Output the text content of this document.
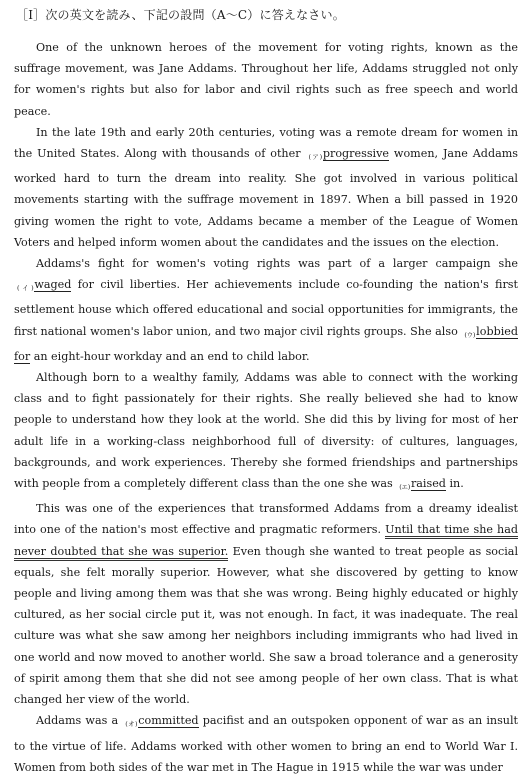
［Ⅰ］次の英文を読み、下記の設問（A～C）に答えなさい。

One of the unknown heroes of the movement for voting rights, known as the suffrage movement, was Jane Addams. Throughout her life, Addams struggled not only for women's rights but also for labor and civil rights such as free speech and world peace.

In the late 19th and early 20th centuries, voting was a remote dream for women in the United States. Along with thousands of other (ア)progressive women, Jane Addams worked hard to turn the dream into reality. She got involved in various political movements starting with the suffrage movement in 1897. When a bill passed in 1920 giving women the right to vote, Addams became a member of the League of Women Voters and helped inform women about the candidates and the issues on the election.

Addams's fight for women's voting rights was part of a larger campaign she (イ)waged for civil liberties. Her achievements include co-founding the nation's first settlement house which offered educational and social opportunities for immigrants, the first national women's labor union, and two major civil rights groups. She also (ウ)lobbied for an eight-hour workday and an end to child labor.

Although born to a wealthy family, Addams was able to connect with the working class and to fight passionately for their rights. She really believed she had to know people to understand how they look at the world. She did this by living for most of her adult life in a working-class neighborhood full of diversity: of cultures, languages, backgrounds, and work experiences. Thereby she formed friendships and partnerships with people from a completely different class than the one she was (エ)raised in.

This was one of the experiences that transformed Addams from a dreamy idealist into one of the nation's most effective and pragmatic reformers. Until that time she had never doubted that she was superior. Even though she wanted to treat people as social equals, she felt morally superior. However, what she discovered by getting to know people and living among them was that she was wrong. Being highly educated or highly cultured, as her social circle put it, was not enough. In fact, it was inadequate. The real culture was what she saw among her neighbors including immigrants who had lived in one world and now moved to another world. She saw a broad tolerance and a generosity of spirit among them that she did not see among people of her own class. That is what changed her view of the world.

Addams was a (オ)committed pacifist and an outspoken opponent of war as an insult to the virtue of life. Addams worked with other women to bring an end to World War I. Women from both sides of the war met in The Hague in 1915 while the war was under
